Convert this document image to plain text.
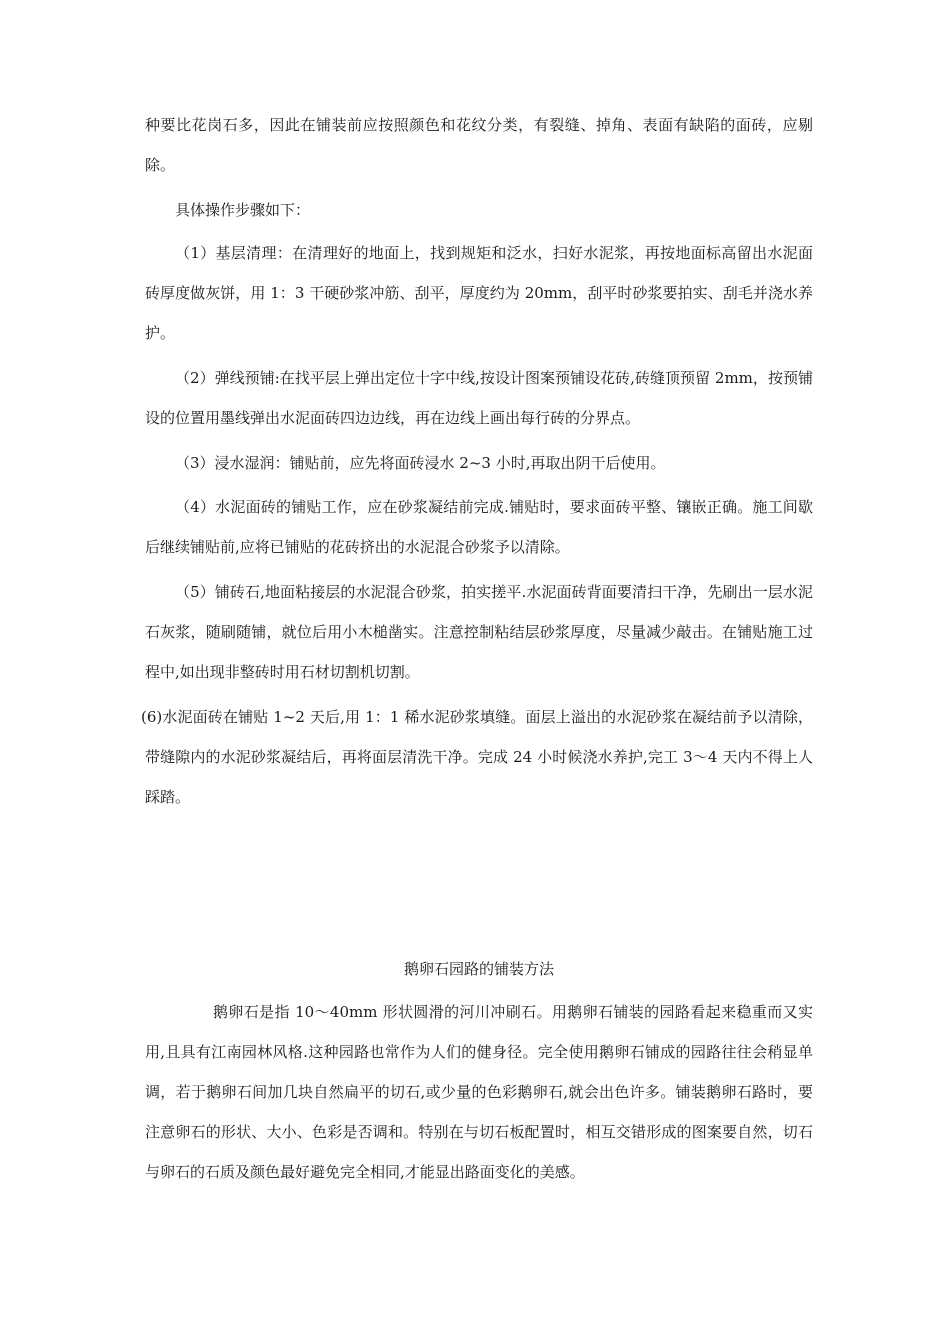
种要比花岗石多，因此在铺装前应按照颜色和花纹分类，有裂缝、掉角、表面有缺陷的面砖，应剔除。

具体操作步骤如下：

（1）基层清理：在清理好的地面上，找到规矩和泛水，扫好水泥浆，再按地面标高留出水泥面砖厚度做灰饼，用 1：3 干硬砂浆冲筋、刮平，厚度约为 20mm，刮平时砂浆要拍实、刮毛并浇水养护。

（2）弹线预铺:在找平层上弹出定位十字中线,按设计图案预铺设花砖,砖缝顶预留 2mm，按预铺设的位置用墨线弹出水泥面砖四边边线，再在边线上画出每行砖的分界点。

（3）浸水湿润：铺贴前，应先将面砖浸水 2~3 小时,再取出阴干后使用。

（4）水泥面砖的铺贴工作，应在砂浆凝结前完成.铺贴时，要求面砖平整、镶嵌正确。施工间歇后继续铺贴前,应将已铺贴的花砖挤出的水泥混合砂浆予以清除。

（5）铺砖石,地面粘接层的水泥混合砂浆，拍实搓平.水泥面砖背面要清扫干净，先刷出一层水泥石灰浆，随刷随铺，就位后用小木槌凿实。注意控制粘结层砂浆厚度，尽量减少敲击。在铺贴施工过程中,如出现非整砖时用石材切割机切割。

(6)水泥面砖在铺贴 1~2 天后,用 1：1 稀水泥砂浆填缝。面层上溢出的水泥砂浆在凝结前予以清除，带缝隙内的水泥砂浆凝结后，再将面层清洗干净。完成 24 小时候浇水养护,完工 3～4 天内不得上人踩踏。

鹅卵石园路的铺装方法

鹅卵石是指 10～40mm 形状圆滑的河川冲刷石。用鹅卵石铺装的园路看起来稳重而又实用,且具有江南园林风格.这种园路也常作为人们的健身径。完全使用鹅卵石铺成的园路往往会稍显单调，若于鹅卵石间加几块自然扁平的切石,或少量的色彩鹅卵石,就会出色许多。铺装鹅卵石路时，要注意卵石的形状、大小、色彩是否调和。特别在与切石板配置时，相互交错形成的图案要自然，切石与卵石的石质及颜色最好避免完全相同,才能显出路面变化的美感。
